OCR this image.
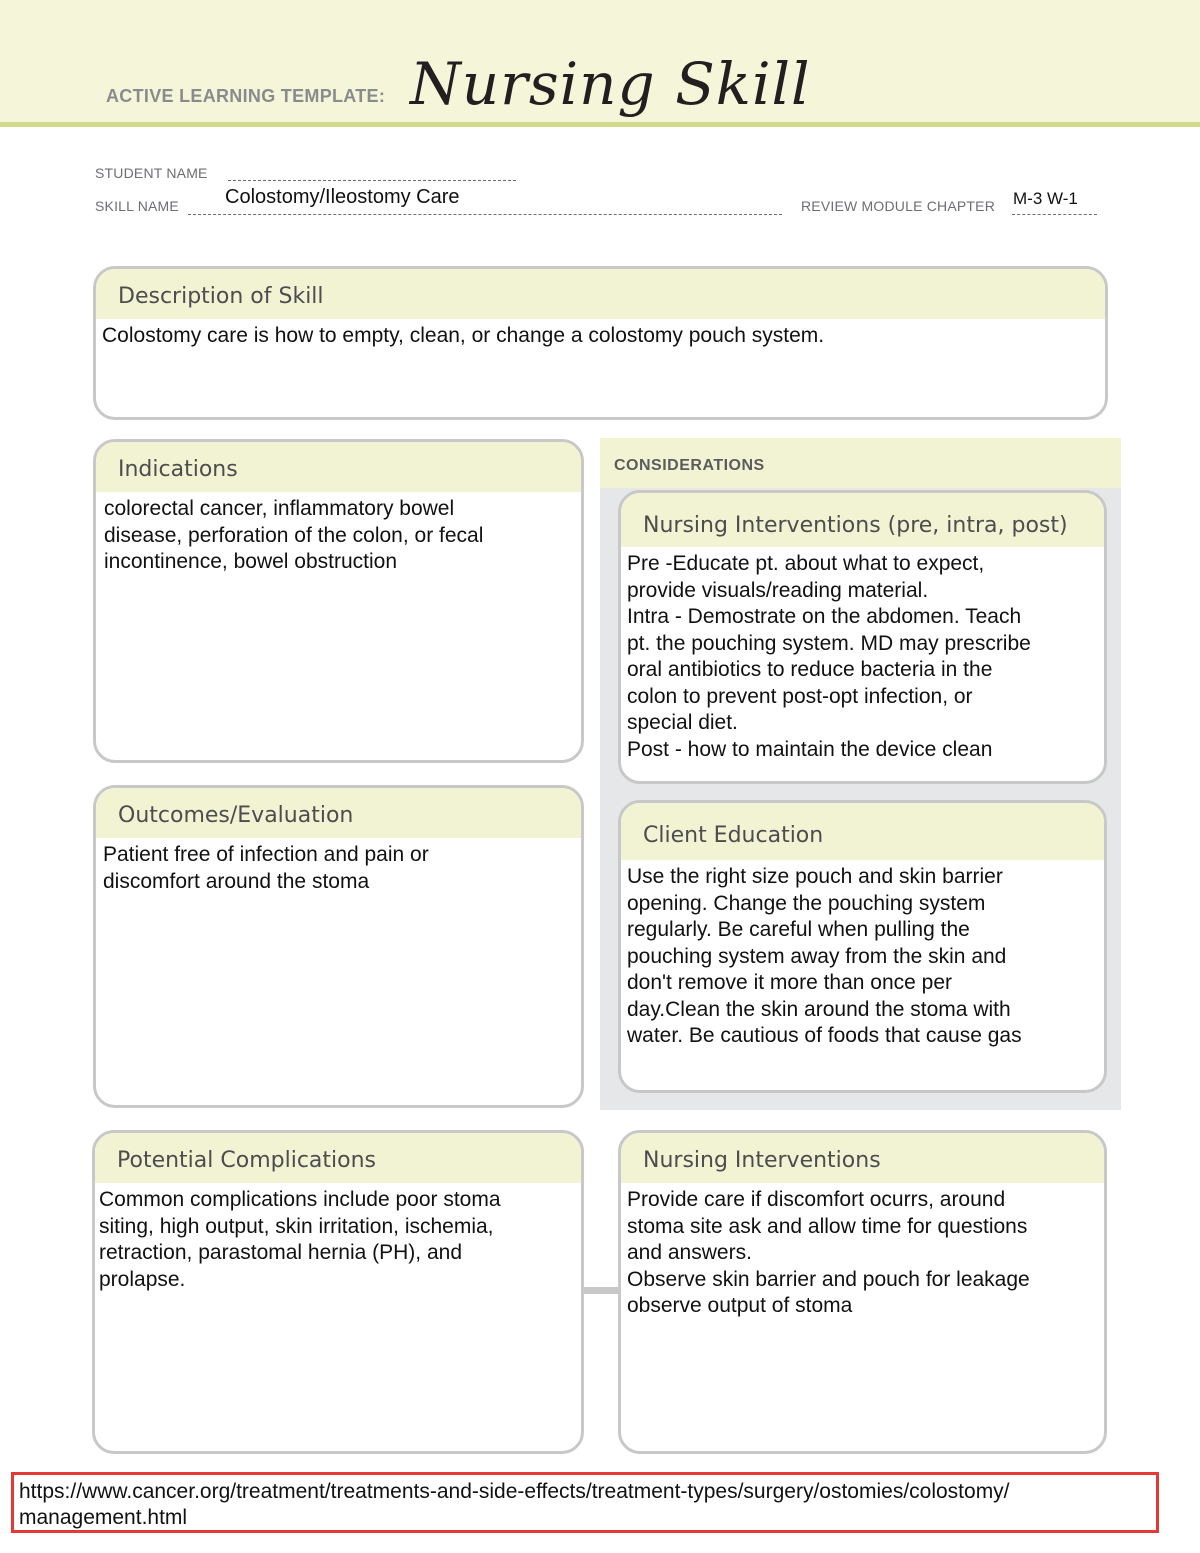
ACTIVE LEARNING TEMPLATE: Nursing Skill
STUDENT NAME
SKILL NAME Colostomy/Ileostomy Care	REVIEW MODULE CHAPTER M-3 W-1
Description of Skill
Colostomy care is how to empty, clean, or change a colostomy pouch system.
Indications
colorectal cancer, inflammatory bowel
disease, perforation of the colon, or fecal
incontinence, bowel obstruction
Outcomes/Evaluation
Patient free of infection and pain or
discomfort around the stoma
CONSIDERATIONS
Nursing Interventions (pre, intra, post)
Pre -Educate pt. about what to expect,
provide visuals/reading material.
Intra - Demostrate on the abdomen. Teach
pt. the pouching system. MD may prescribe
oral antibiotics to reduce bacteria in the
colon to prevent post-opt infection, or
special diet.
Post - how to maintain the device clean
Client Education
Use the right size pouch and skin barrier
opening. Change the pouching system
regularly. Be careful when pulling the
pouching system away from the skin and
don't remove it more than once per
day.Clean the skin around the stoma with
water. Be cautious of foods that cause gas
Potential Complications
Common complications include poor stoma
siting, high output, skin irritation, ischemia,
retraction, parastomal hernia (PH), and
prolapse.
Nursing Interventions
Provide care if discomfort ocurrs, around
stoma site ask and allow time for questions
and answers.
Observe skin barrier and pouch for leakage
observe output of stoma
https://www.cancer.org/treatment/treatments-and-side-effects/treatment-types/surgery/ostomies/colostomy/
management.html
